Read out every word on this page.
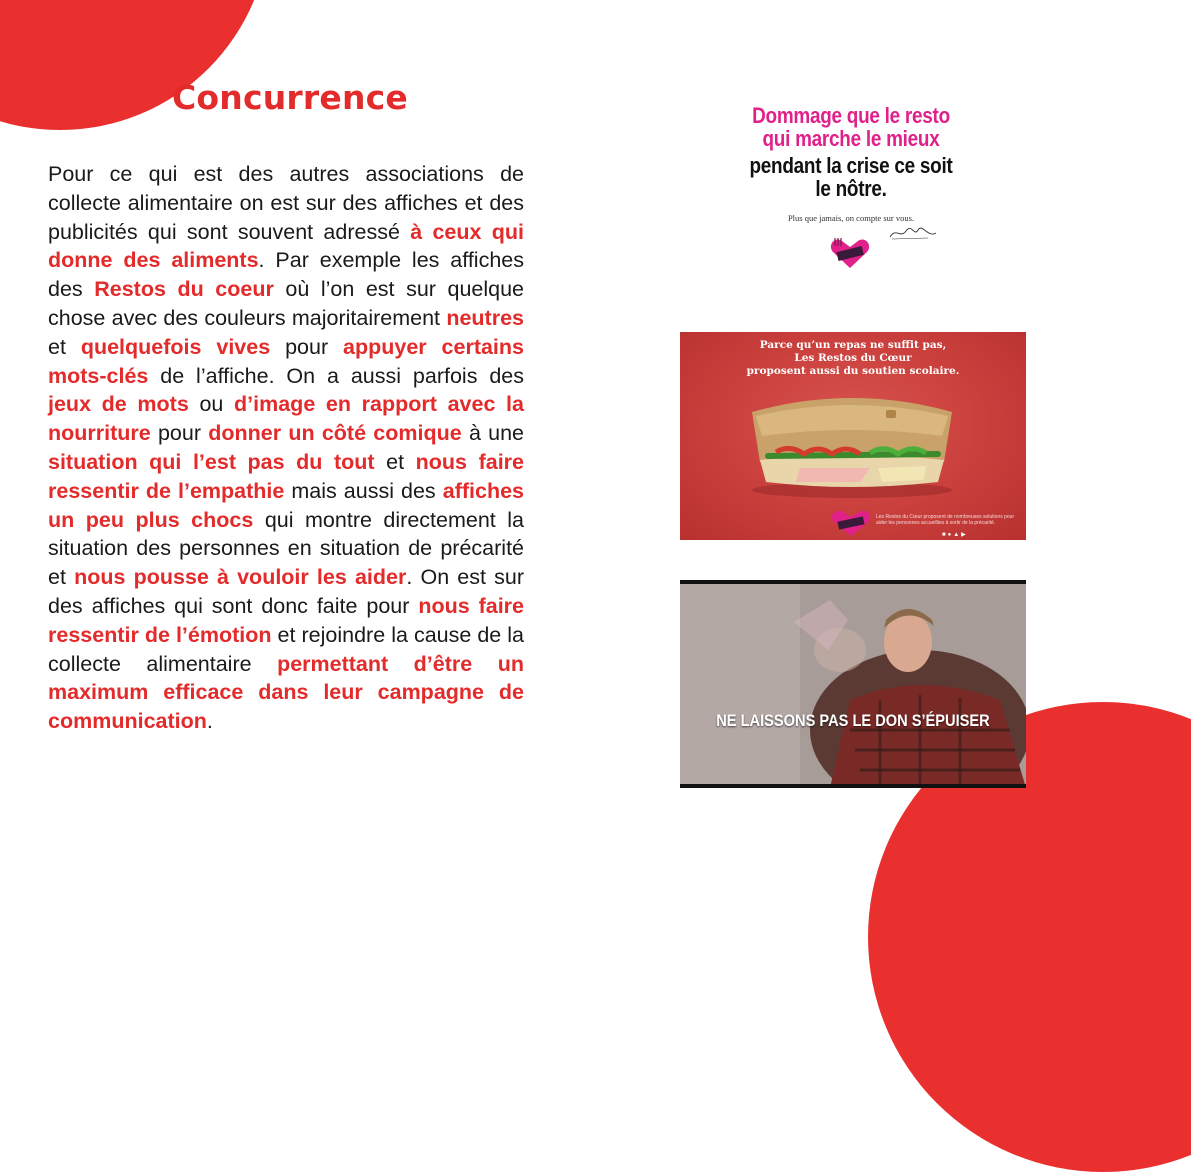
Concurrence

Pour ce qui est des autres associations de collecte alimentaire on est sur des affiches et des publicités qui sont souvent adressé à ceux qui donne des aliments. Par exemple les affiches des Restos du coeur où l’on est sur quelque chose avec des couleurs majoritairement neutres et quelquefois vives pour appuyer certains mots-clés de l’affiche. On a aussi parfois des jeux de mots ou d’image en rapport avec la nourriture pour donner un côté comique à une situation qui l’est pas du tout et nous faire ressentir de l’empathie mais aussi des affiches un peu plus chocs qui montre directement la situation des personnes en situation de précarité et nous pousse à vouloir les aider. On est sur des affiches qui sont donc faite pour nous faire ressentir de l’émotion et rejoindre la cause de la collecte alimentaire permettant d’être un maximum efficace dans leur campagne de communication.

Dommage que le resto
qui marche le mieux
pendant la crise ce soit
le nôtre.
Plus que jamais, on compte sur vous.

Parce qu’un repas ne suffit pas,
Les Restos du Cœur
proposent aussi du soutien scolaire.

Les Restos du Cœur proposent de nombreuses solutions pour aider les personnes accueillies à sortir de la précarité.

■●▲▶

NE LAISSONS PAS LE DON S’ÉPUISER
